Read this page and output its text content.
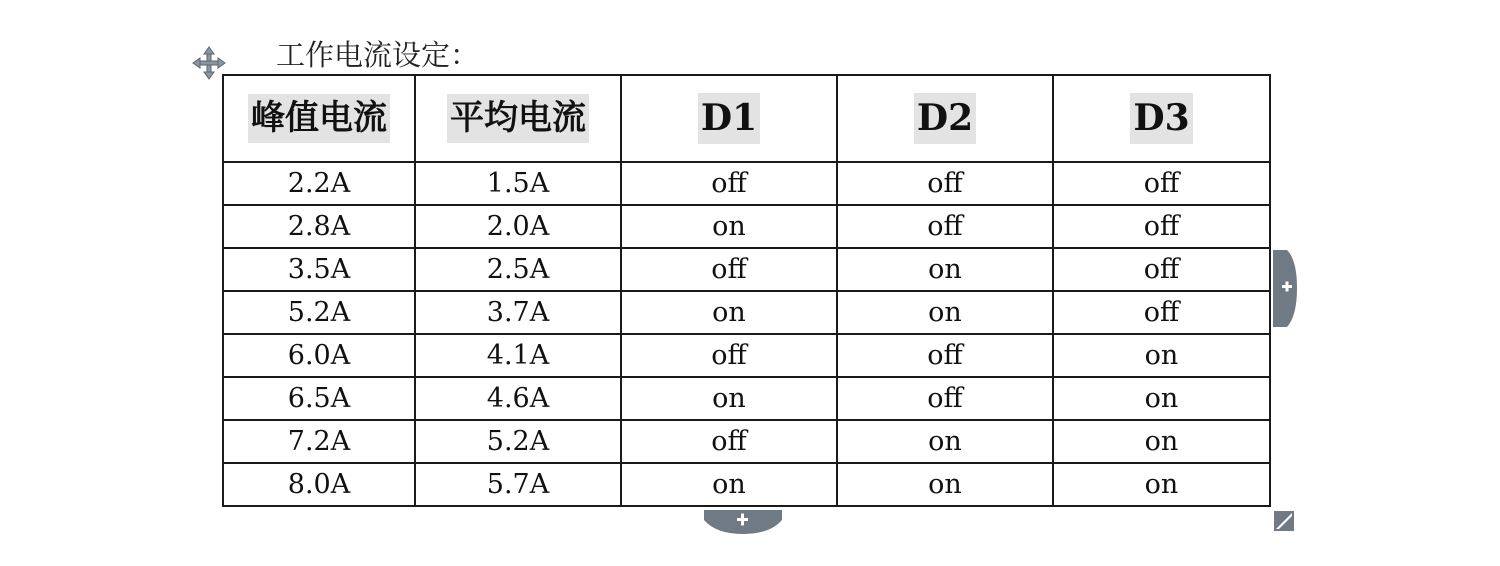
工作电流设定：
峰值电流	平均电流	D1	D2	D3
2.2A	1.5A	off	off	off
2.8A	2.0A	on	off	off
3.5A	2.5A	off	on	off
5.2A	3.7A	on	on	off
6.0A	4.1A	off	off	on
6.5A	4.6A	on	off	on
7.2A	5.2A	off	on	on
8.0A	5.7A	on	on	on
